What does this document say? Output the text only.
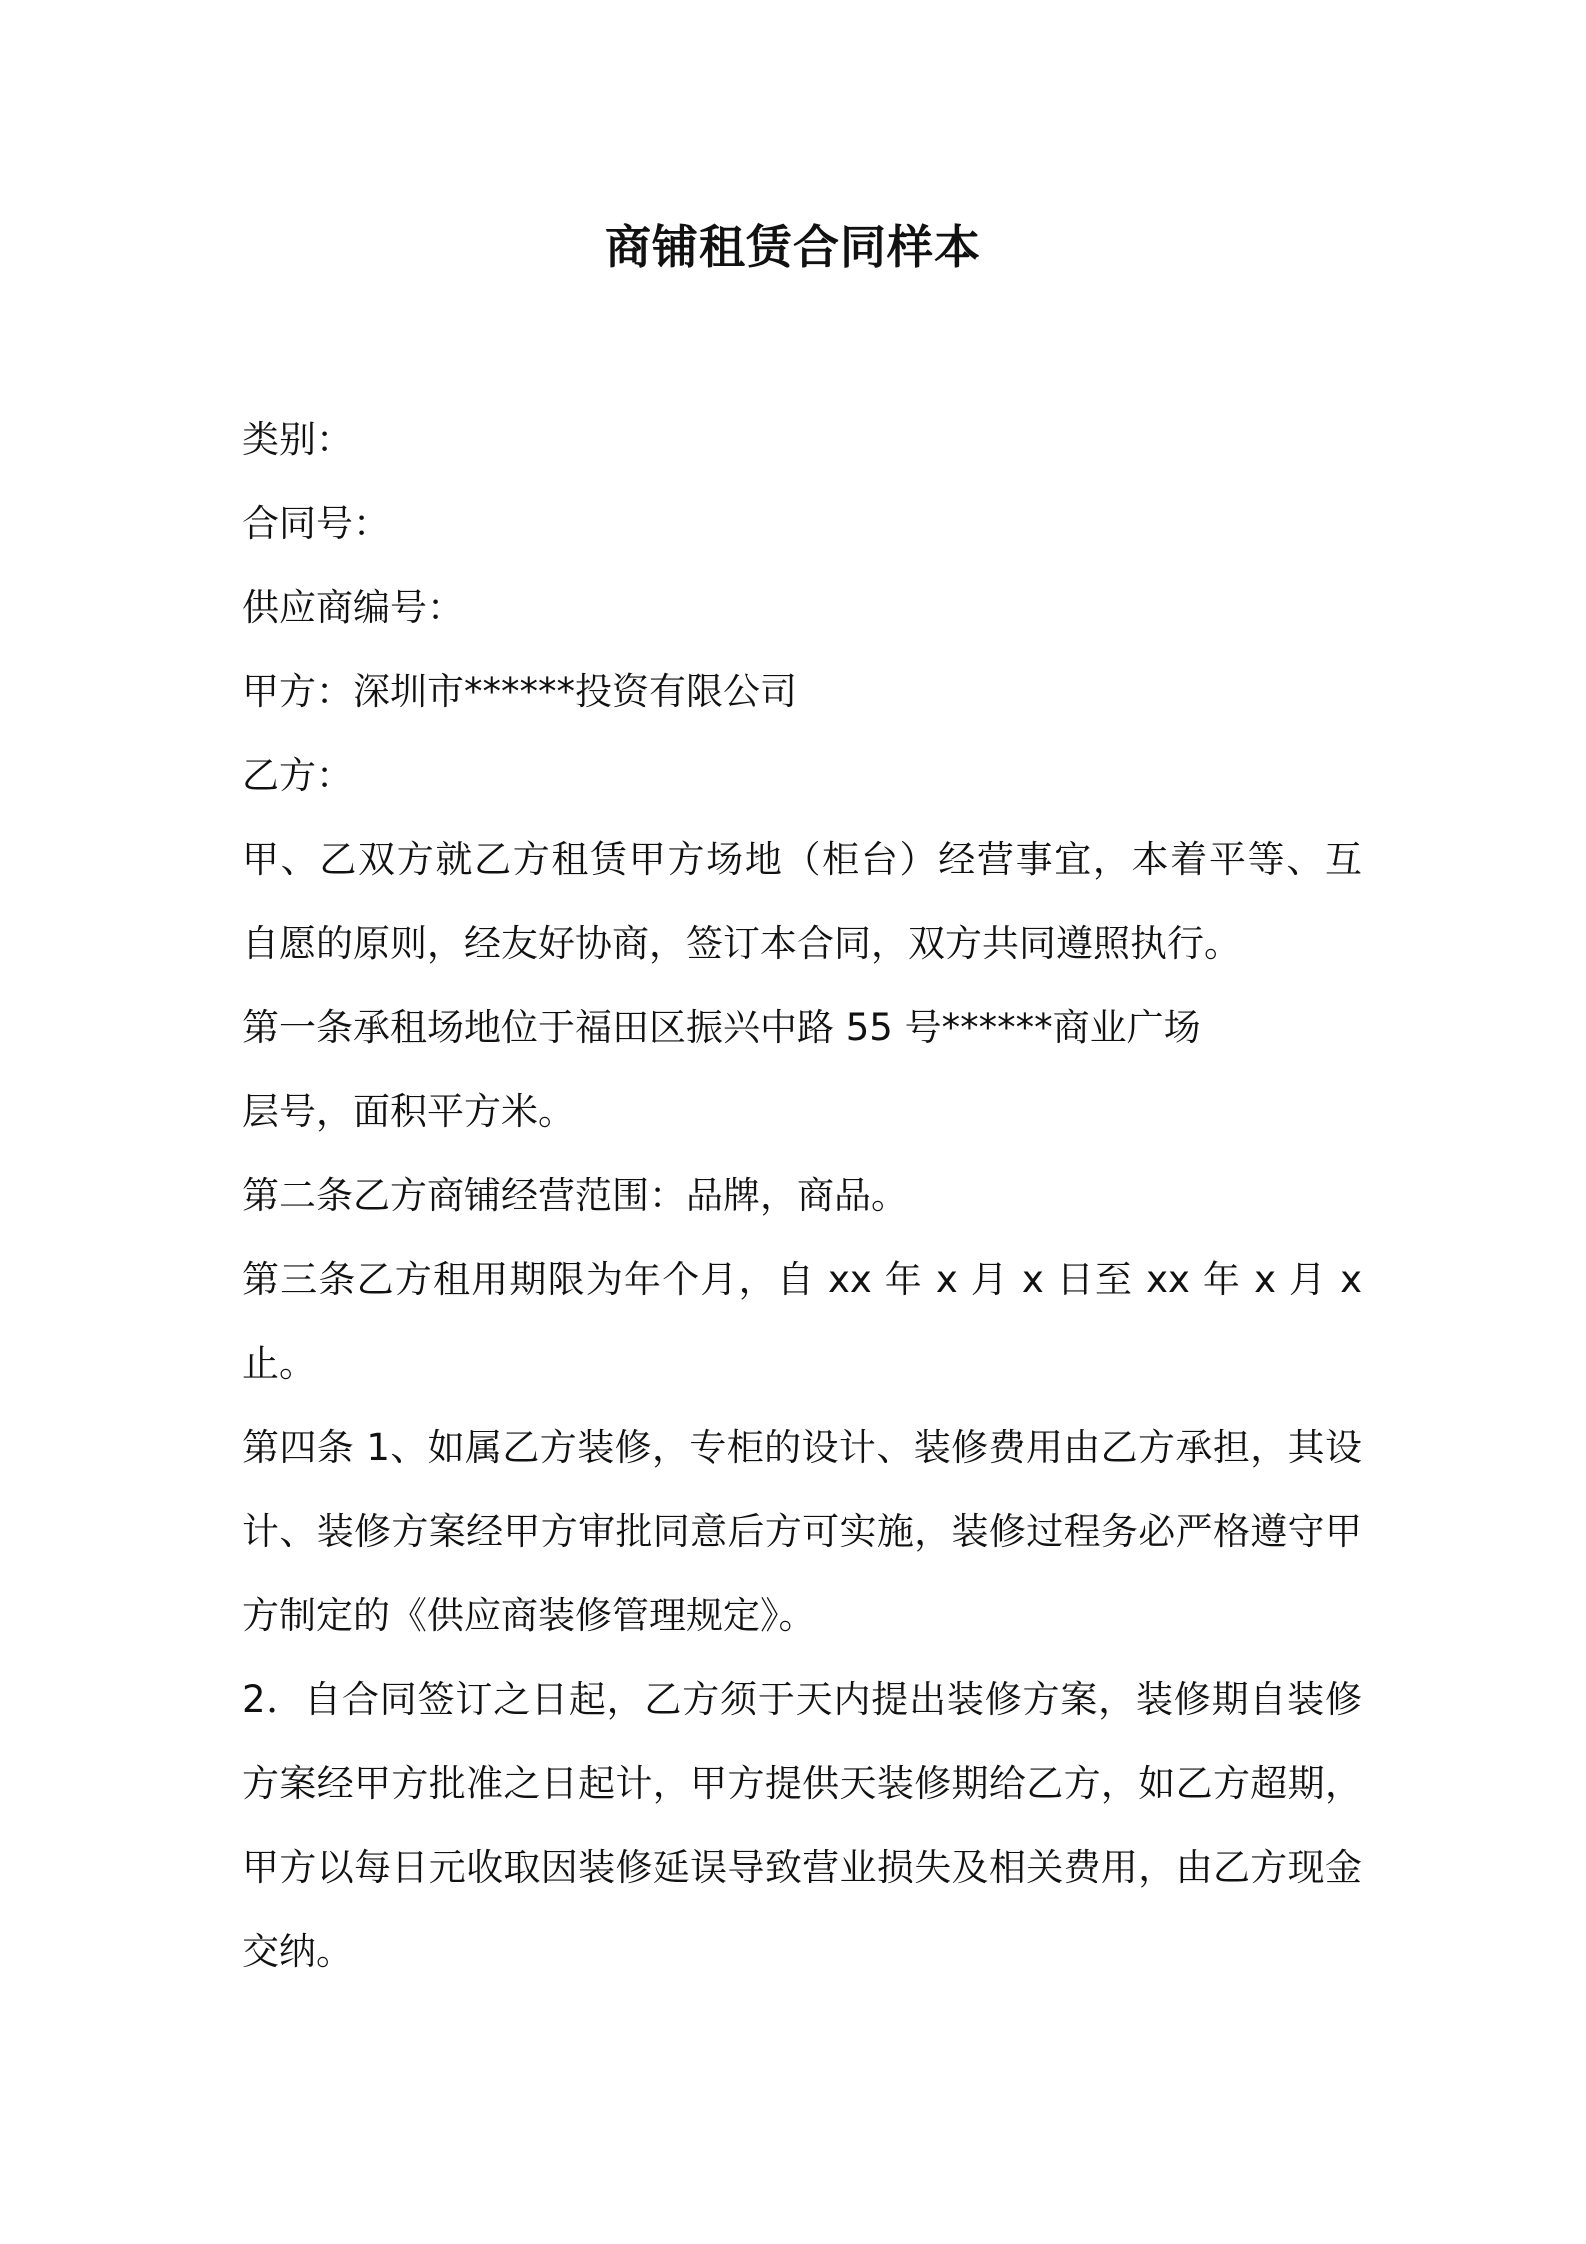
商铺租赁合同样本
类别：
合同号：
供应商编号：
甲方：深圳市******投资有限公司
乙方：
甲、乙双方就乙方租赁甲方场地（柜台）经营事宜，本着平等、互
自愿的原则，经友好协商，签订本合同，双方共同遵照执行。
第一条承租场地位于福田区振兴中路 55 号******商业广场
层号，面积平方米。
第二条乙方商铺经营范围：品牌，商品。
第三条乙方租用期限为年个月，自 xx 年 x 月 x 日至 xx 年 x 月 x
止。
第四条 1、如属乙方装修，专柜的设计、装修费用由乙方承担，其设
计、装修方案经甲方审批同意后方可实施，装修过程务必严格遵守甲
方制定的《供应商装修管理规定》。
2．自合同签订之日起，乙方须于天内提出装修方案，装修期自装修
方案经甲方批准之日起计，甲方提供天装修期给乙方，如乙方超期，
甲方以每日元收取因装修延误导致营业损失及相关费用，由乙方现金
交纳。
